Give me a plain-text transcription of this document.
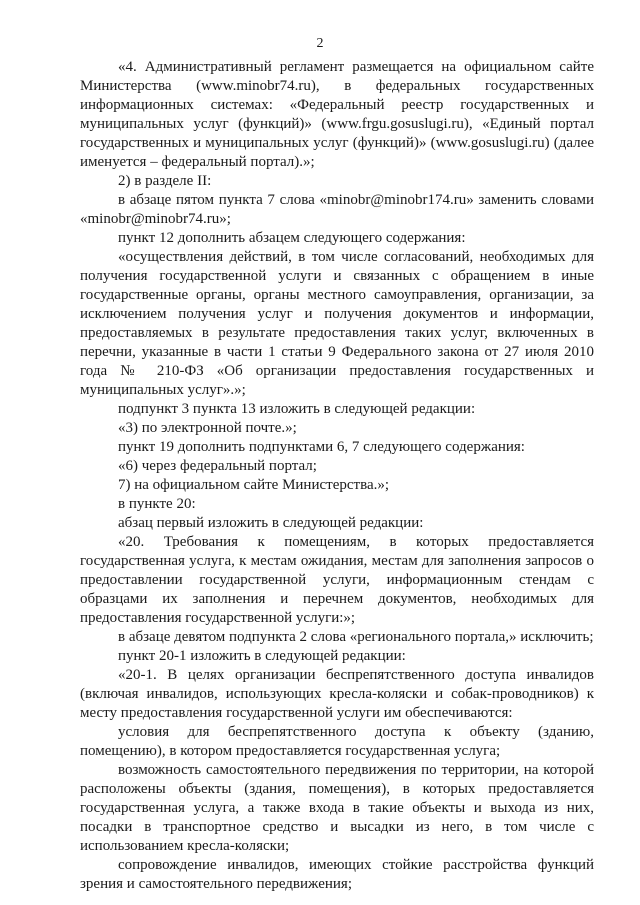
2

«4. Административный регламент размещается на официальном сайте Министерства (www.minobr74.ru), в федеральных государственных информационных системах: «Федеральный реестр государственных и муниципальных услуг (функций)» (www.frgu.gosuslugi.ru), «Единый портал государственных и муниципальных услуг (функций)» (www.gosuslugi.ru) (далее именуется – федеральный портал).»;

2) в разделе II:

в абзаце пятом пункта 7 слова «minobr@minobr174.ru» заменить словами «minobr@minobr74.ru»;

пункт 12 дополнить абзацем следующего содержания:

«осуществления действий, в том числе согласований, необходимых для получения государственной услуги и связанных с обращением в иные государственные органы, органы местного самоуправления, организации, за исключением получения услуг и получения документов и информации, предоставляемых в результате предоставления таких услуг, включенных в перечни, указанные в части 1 статьи 9 Федерального закона от 27 июля 2010 года № 210-ФЗ «Об организации предоставления государственных и муниципальных услуг».»;

подпункт 3 пункта 13 изложить в следующей редакции:

«3) по электронной почте.»;

пункт 19 дополнить подпунктами 6, 7 следующего содержания:

«6) через федеральный портал;

7) на официальном сайте Министерства.»;

в пункте 20:

абзац первый изложить в следующей редакции:

«20. Требования к помещениям, в которых предоставляется государственная услуга, к местам ожидания, местам для заполнения запросов о предоставлении государственной услуги, информационным стендам с образцами их заполнения и перечнем документов, необходимых для предоставления государственной услуги:»;

в абзаце девятом подпункта 2 слова «регионального портала,» исключить;

пункт 20-1 изложить в следующей редакции:

«20-1. В целях организации беспрепятственного доступа инвалидов (включая инвалидов, использующих кресла-коляски и собак-проводников) к месту предоставления государственной услуги им обеспечиваются:

условия для беспрепятственного доступа к объекту (зданию, помещению), в котором предоставляется государственная услуга;

возможность самостоятельного передвижения по территории, на которой расположены объекты (здания, помещения), в которых предоставляется государственная услуга, а также входа в такие объекты и выхода из них, посадки в транспортное средство и высадки из него, в том числе с использованием кресла-коляски;

сопровождение инвалидов, имеющих стойкие расстройства функций зрения и самостоятельного передвижения;
